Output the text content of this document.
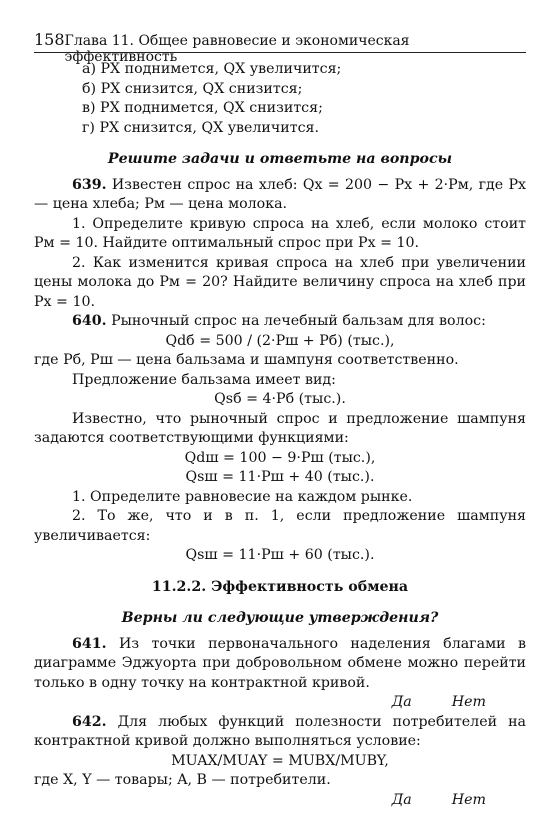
158 Глава 11. Общее равновесие и экономическая эффективность
а) PX поднимется, QX увеличится;
б) PX снизится, QX снизится;
в) PX поднимется, QX снизится;
г) PX снизится, QX увеличится.
Решите задачи и ответьте на вопросы
639. Известен спрос на хлеб: Qх = 200 − Pх + 2·Pм, где Pх — цена хлеба; Pм — цена молока.
1. Определите кривую спроса на хлеб, если молоко стоит Pм = 10. Найдите оптимальный спрос при Pх = 10.
2. Как изменится кривая спроса на хлеб при увеличении цены молока до Pм = 20? Найдите величину спроса на хлеб при Pх = 10.
640. Рыночный спрос на лечебный бальзам для волос:
Qdб = 500 / (2·Pш + Pб) (тыс.),
где Pб, Pш — цена бальзама и шампуня соответственно.
Предложение бальзама имеет вид:
Qsб = 4·Pб (тыс.).
Известно, что рыночный спрос и предложение шампуня задаются соответствующими функциями:
Qdш = 100 − 9·Pш (тыс.),
Qsш = 11·Pш + 40 (тыс.).
1. Определите равновесие на каждом рынке.
2. То же, что и в п. 1, если предложение шампуня увеличивается:
Qsш = 11·Pш + 60 (тыс.).
11.2.2. Эффективность обмена
Верны ли следующие утверждения?
641. Из точки первоначального наделения благами в диаграмме Эджуорта при добровольном обмене можно перейти только в одну точку на контрактной кривой.
Да	Нет
642. Для любых функций полезности потребителей на контрактной кривой должно выполняться условие:
MUAX/MUAY = MUBX/MUBY,
где X, Y — товары; A, B — потребители.
Да	Нет
